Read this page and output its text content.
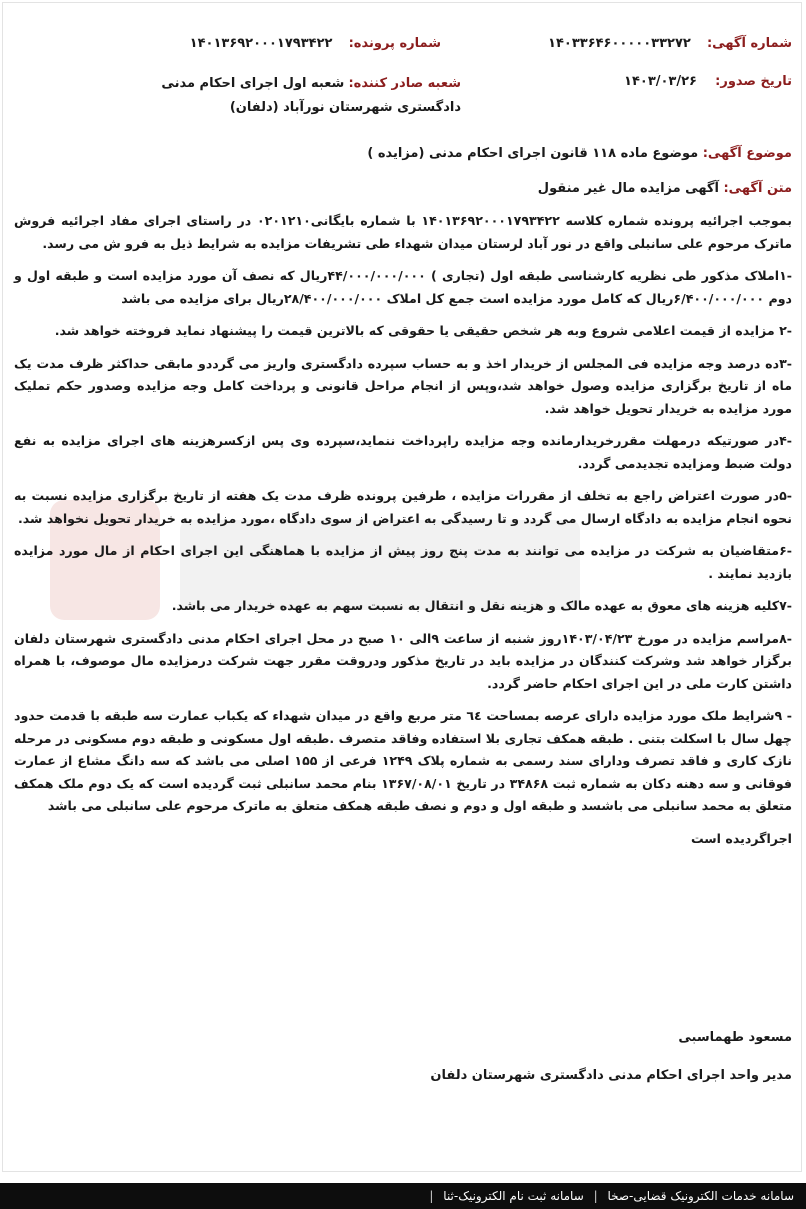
شماره آگهی: ۱۴۰۳۳۶۴۶۰۰۰۰۰۳۳۲۷۲
شماره پرونده: ۱۴۰۱۳۶۹۲۰۰۰۱۷۹۳۴۲۲
تاریخ صدور: ۱۴۰۳/۰۳/۲۶
شعبه صادر کننده: شعبه اول اجرای احکام مدنی دادگستری شهرستان نورآباد (دلفان)
موضوع آگهی: موضوع ماده ۱۱۸ قانون اجرای احکام مدنی (مزایده )
متن آگهی: آگهی مزایده مال غیر منقول

بموجب اجرائیه پرونده شماره کلاسه ۱۴۰۱۳۶۹۲۰۰۰۱۷۹۳۴۲۲ با شماره بایگانی۰۲۰۱۲۱۰ در راستای اجرای مفاد اجرائیه فروش ماترک مرحوم علی سانبلی واقع در نور آباد لرستان میدان شهداء طی تشریفات مزایده به شرایط ذیل به فرو ش می رسد.

-۱املاک مذکور طی نظریه کارشناسی طبقه اول (تجاری ) ۴۴/۰۰۰/۰۰۰/۰۰۰ریال که نصف آن مورد مزایده است و طبقه اول و دوم ۶/۴۰۰/۰۰۰/۰۰۰ریال که کامل مورد مزایده است جمع کل املاک ۲۸/۴۰۰/۰۰۰/۰۰۰ریال برای مزایده می باشد

-۲ مزایده از قیمت اعلامی شروع وبه هر شخص حقیقی یا حقوقی که بالاترین قیمت را پیشنهاد نماید فروخته خواهد شد.

-۳ده درصد وجه مزایده فی المجلس از خریدار اخذ و به حساب سپرده دادگستری واریز می گرددو مابقی حداکثر ظرف مدت یک ماه از تاریخ برگزاری مزایده وصول خواهد شد،وپس از انجام مراحل قانونی و پرداخت کامل وجه مزایده وصدور حکم تملیک مورد مزایده به خریدار تحویل خواهد شد.

-۴در صورتیکه درمهلت مقررخریدارمانده وجه مزایده راپرداخت ننماید،سپرده وی پس ازکسرهزینه های اجرای مزایده به نفع دولت ضبط ومزایده تجدیدمی گردد.

-۵در صورت اعتراض راجع به تخلف از مقررات مزایده ، طرفین پرونده ظرف مدت یک هفته از تاریخ برگزاری مزایده نسبت به نحوه انجام مزایده به دادگاه ارسال می گردد و تا رسیدگی به اعتراض از سوی دادگاه ،مورد مزایده به خریدار تحویل نخواهد شد.

-۶متقاضیان به شرکت در مزایده می توانند به مدت پنج روز پیش از مزایده با هماهنگی این اجرای احکام از مال مورد مزایده بازدید نمایند .

-۷کلیه هزینه های معوق به عهده مالک و هزینه نقل و انتقال به نسبت سهم به عهده خریدار می باشد.

-۸مراسم مزایده در مورخ ۱۴۰۳/۰۴/۲۳روز شنبه از ساعت ۹الی ۱۰ صبح در محل اجرای احکام مدنی دادگستری شهرستان دلفان برگزار خواهد شد وشرکت کنندگان در مزایده باید در تاریخ مذکور ودروقت مقرر جهت شرکت درمزایده مال موصوف، با همراه داشتن کارت ملی در این اجرای احکام حاضر گردد.

- ۹شرایط ملک مورد مزایده دارای عرصه بمساحت ٦٤ متر مربع واقع در میدان شهداء که یکباب عمارت سه طبقه با قدمت حدود چهل سال با اسکلت بتنی . طبقه همکف تجاری بلا استفاده وفاقد متصرف .طبقه اول مسکونی و طبقه دوم مسکونی در مرحله نازک کاری و فاقد تصرف ودارای سند رسمی به شماره پلاک ۱۲۴۹ فرعی از ۱۵۵ اصلی می باشد که سه دانگ مشاع از عمارت فوقانی و سه دهنه دکان به شماره ثبت ۳۴۸۶۸ در تاریخ ۱۳۶۷/۰۸/۰۱ بنام محمد سانبلی ثبت گردیده است که یک دوم ملک همکف متعلق به محمد سانبلی می باشسد و طبقه اول و دوم و نصف طبقه همکف متعلق به ماترک مرحوم علی سانبلی می باشد

اجراگردیده است

مسعود طهماسبی
مدیر واحد اجرای احکام مدنی دادگستری شهرستان دلفان
سامانه خدمات الکترونیک قضایی-صخا | سامانه ثبت نام الکترونیک-ثنا |
